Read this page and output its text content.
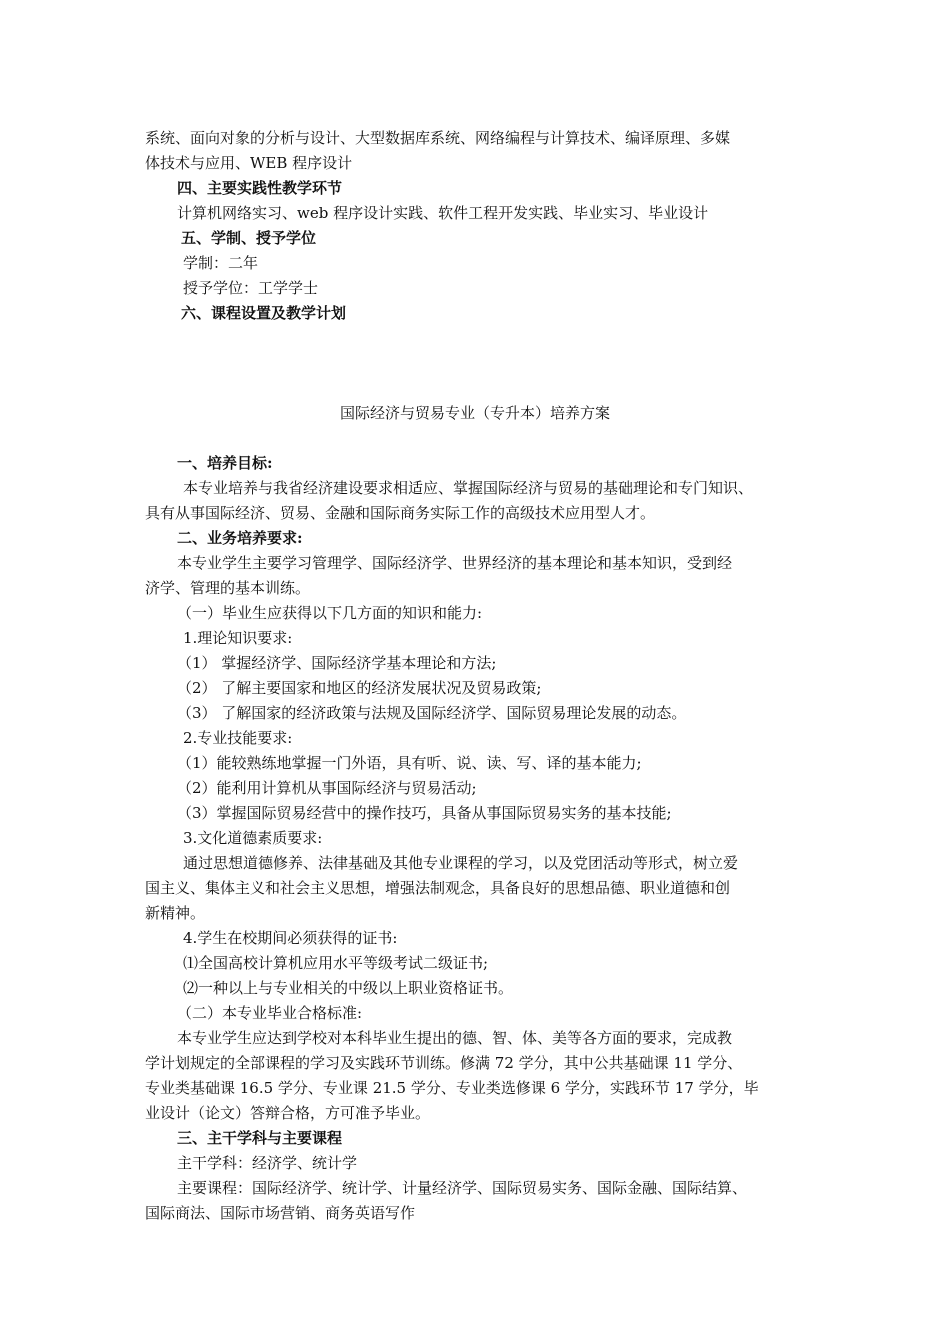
系统、面向对象的分析与设计、大型数据库系统、网络编程与计算技术、编译原理、多媒
体技术与应用、WEB 程序设计
四、主要实践性教学环节
计算机网络实习、web 程序设计实践、软件工程开发实践、毕业实习、毕业设计
五、学制、授予学位
学制：二年
授予学位：工学学士
六、课程设置及教学计划
国际经济与贸易专业（专升本）培养方案
一、培养目标:
本专业培养与我省经济建设要求相适应、掌握国际经济与贸易的基础理论和专门知识、
具有从事国际经济、贸易、金融和国际商务实际工作的高级技术应用型人才。
二、业务培养要求:
本专业学生主要学习管理学、国际经济学、世界经济的基本理论和基本知识，受到经
济学、管理的基本训练。
（一）毕业生应获得以下几方面的知识和能力:
1.理论知识要求:
（1） 掌握经济学、国际经济学基本理论和方法;
（2） 了解主要国家和地区的经济发展状况及贸易政策;
（3） 了解国家的经济政策与法规及国际经济学、国际贸易理论发展的动态。
2.专业技能要求:
（1）能较熟练地掌握一门外语，具有听、说、读、写、译的基本能力;
（2）能利用计算机从事国际经济与贸易活动;
（3）掌握国际贸易经营中的操作技巧，具备从事国际贸易实务的基本技能;
3.文化道德素质要求:
通过思想道德修养、法律基础及其他专业课程的学习，以及党团活动等形式，树立爱
国主义、集体主义和社会主义思想，增强法制观念，具备良好的思想品德、职业道德和创
新精神。
4.学生在校期间必须获得的证书:
⑴全国高校计算机应用水平等级考试二级证书;
⑵一种以上与专业相关的中级以上职业资格证书。
（二）本专业毕业合格标准:
本专业学生应达到学校对本科毕业生提出的德、智、体、美等各方面的要求，完成教
学计划规定的全部课程的学习及实践环节训练。修满 72 学分，其中公共基础课 11 学分、
专业类基础课 16.5 学分、专业课 21.5 学分、专业类选修课 6 学分，实践环节 17 学分，毕
业设计（论文）答辩合格，方可准予毕业。
三、主干学科与主要课程
主干学科：经济学、统计学
主要课程：国际经济学、统计学、计量经济学、国际贸易实务、国际金融、国际结算、
国际商法、国际市场营销、商务英语写作
